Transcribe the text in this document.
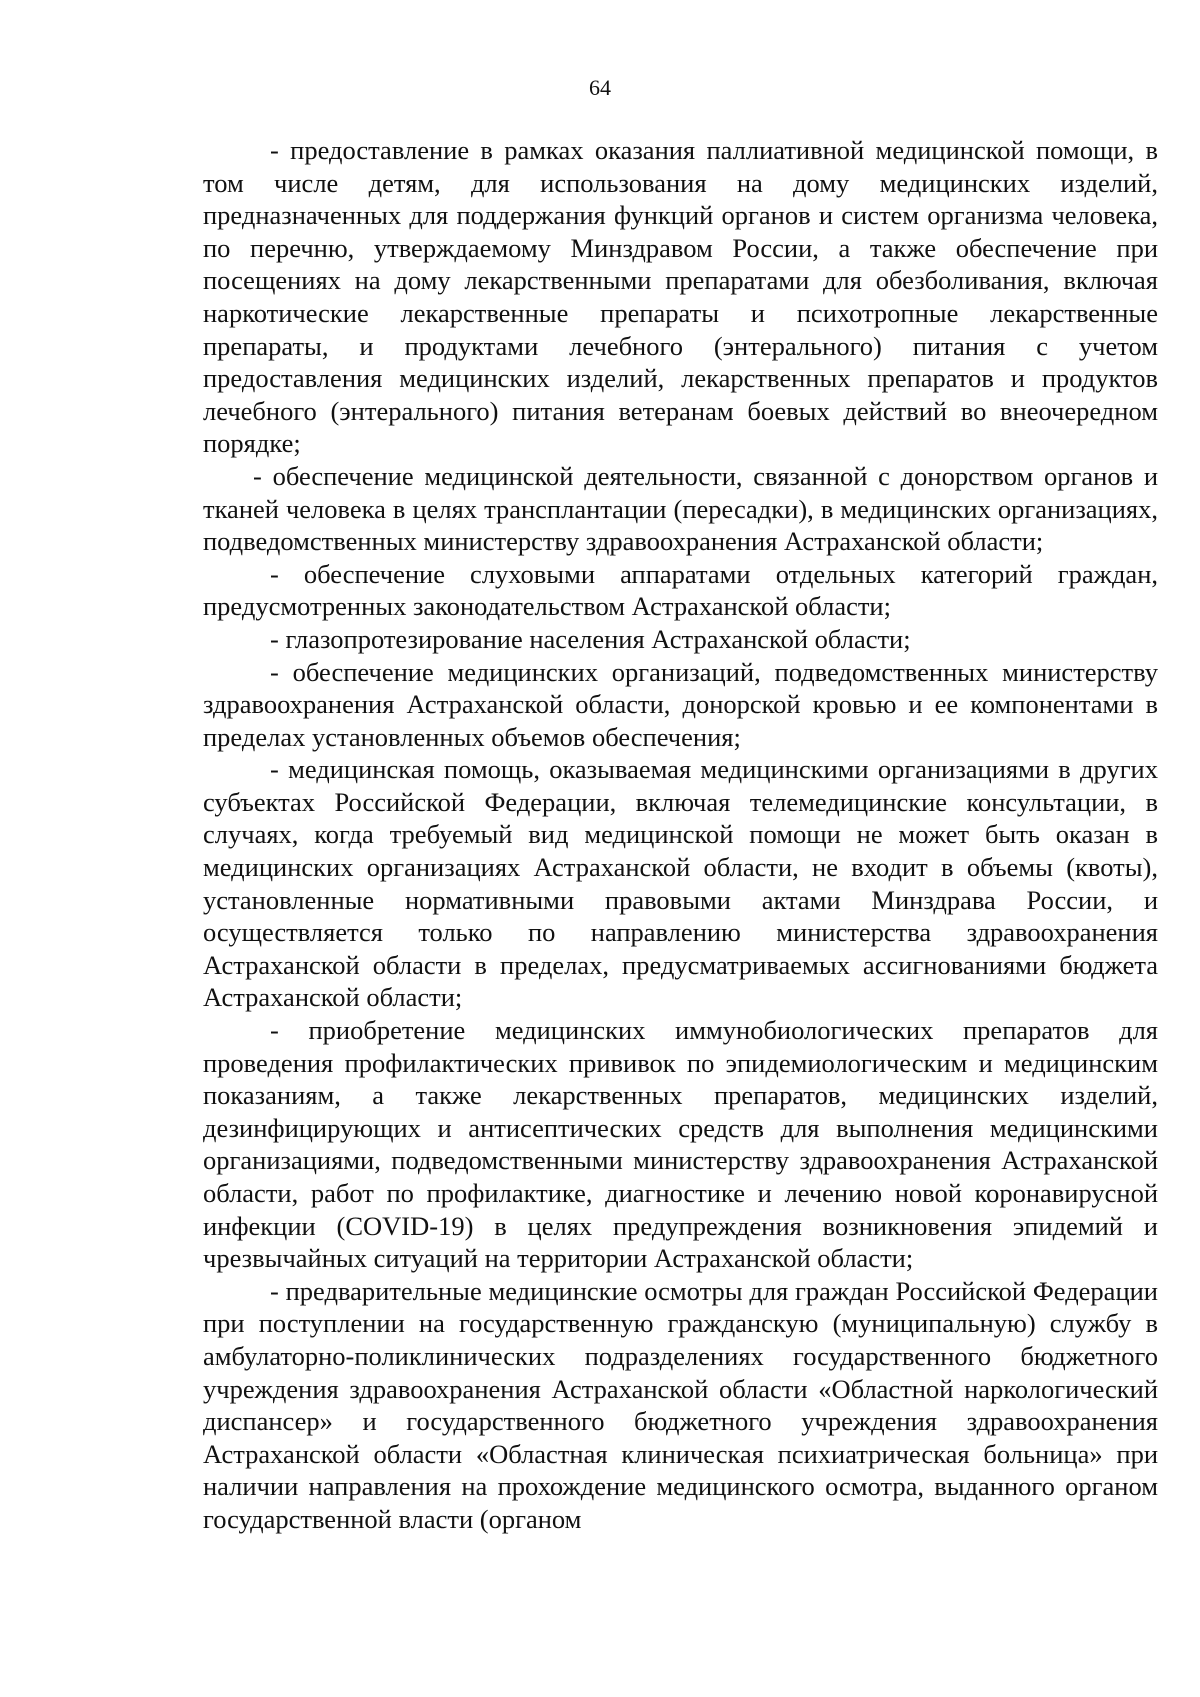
64

- предоставление в рамках оказания паллиативной медицинской помощи, в том числе детям, для использования на дому медицинских изделий, предназначенных для поддержания функций органов и систем организма человека, по перечню, утверждаемому Минздравом России, а также обеспечение при посещениях на дому лекарственными препаратами для обезболивания, включая наркотические лекарственные препараты и психотропные лекарственные препараты, и продуктами лечебного (энтерального) питания с учетом предоставления медицинских изделий, лекарственных препаратов и продуктов лечебного (энтерального) питания ветеранам боевых действий во внеочередном порядке;

- обеспечение медицинской деятельности, связанной с донорством органов и тканей человека в целях трансплантации (пересадки), в медицинских организациях, подведомственных министерству здравоохранения Астраханской области;

- обеспечение слуховыми аппаратами отдельных категорий граждан, предусмотренных законодательством Астраханской области;

- глазопротезирование населения Астраханской области;

- обеспечение медицинских организаций, подведомственных министерству здравоохранения Астраханской области, донорской кровью и ее компонентами в пределах установленных объемов обеспечения;

- медицинская помощь, оказываемая медицинскими организациями в других субъектах Российской Федерации, включая телемедицинские консультации, в случаях, когда требуемый вид медицинской помощи не может быть оказан в медицинских организациях Астраханской области, не входит в объемы (квоты), установленные нормативными правовыми актами Минздрава России, и осуществляется только по направлению министерства здравоохранения Астраханской области в пределах, предусматриваемых ассигнованиями бюджета Астраханской области;

- приобретение медицинских иммунобиологических препаратов для проведения профилактических прививок по эпидемиологическим и медицинским показаниям, а также лекарственных препаратов, медицинских изделий, дезинфицирующих и антисептических средств для выполнения медицинскими организациями, подведомственными министерству здравоохранения Астраханской области, работ по профилактике, диагностике и лечению новой коронавирусной инфекции (COVID-19) в целях предупреждения возникновения эпидемий и чрезвычайных ситуаций на территории Астраханской области;

- предварительные медицинские осмотры для граждан Российской Федерации при поступлении на государственную гражданскую (муниципальную) службу в амбулаторно-поликлинических подразделениях государственного бюджетного учреждения здравоохранения Астраханской области «Областной наркологический диспансер» и государственного бюджетного учреждения здравоохранения Астраханской области «Областная клиническая психиатрическая больница» при наличии направления на прохождение медицинского осмотра, выданного органом государственной власти (органом
